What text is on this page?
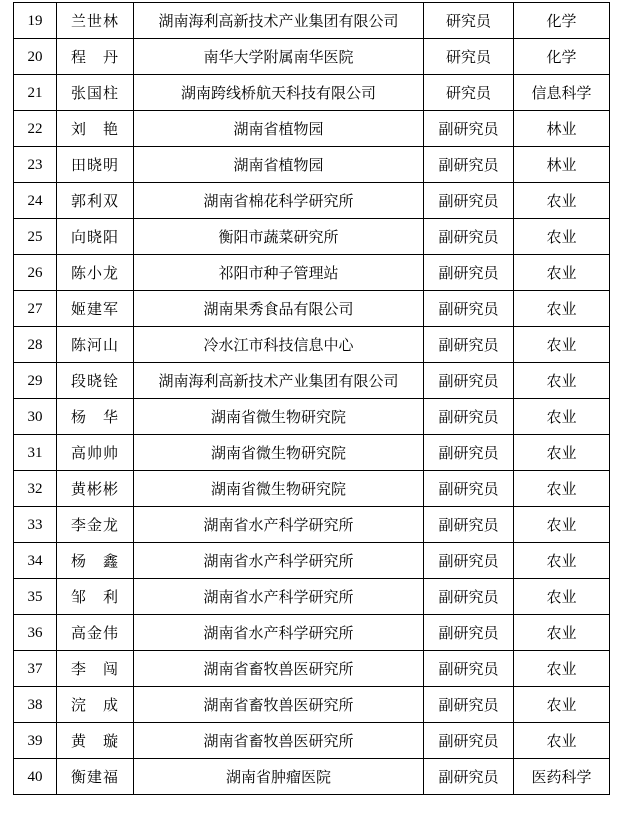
19	兰世林	湖南海利高新技术产业集团有限公司	研究员	化学
20	程　丹	南华大学附属南华医院	研究员	化学
21	张国柱	湖南跨线桥航天科技有限公司	研究员	信息科学
22	刘　艳	湖南省植物园	副研究员	林业
23	田晓明	湖南省植物园	副研究员	林业
24	郭利双	湖南省棉花科学研究所	副研究员	农业
25	向晓阳	衡阳市蔬菜研究所	副研究员	农业
26	陈小龙	祁阳市种子管理站	副研究员	农业
27	姬建军	湖南果秀食品有限公司	副研究员	农业
28	陈河山	冷水江市科技信息中心	副研究员	农业
29	段晓铨	湖南海利高新技术产业集团有限公司	副研究员	农业
30	杨　华	湖南省微生物研究院	副研究员	农业
31	高帅帅	湖南省微生物研究院	副研究员	农业
32	黄彬彬	湖南省微生物研究院	副研究员	农业
33	李金龙	湖南省水产科学研究所	副研究员	农业
34	杨　鑫	湖南省水产科学研究所	副研究员	农业
35	邹　利	湖南省水产科学研究所	副研究员	农业
36	高金伟	湖南省水产科学研究所	副研究员	农业
37	李　闯	湖南省畜牧兽医研究所	副研究员	农业
38	浣　成	湖南省畜牧兽医研究所	副研究员	农业
39	黄　璇	湖南省畜牧兽医研究所	副研究员	农业
40	衡建福	湖南省肿瘤医院	副研究员	医药科学
